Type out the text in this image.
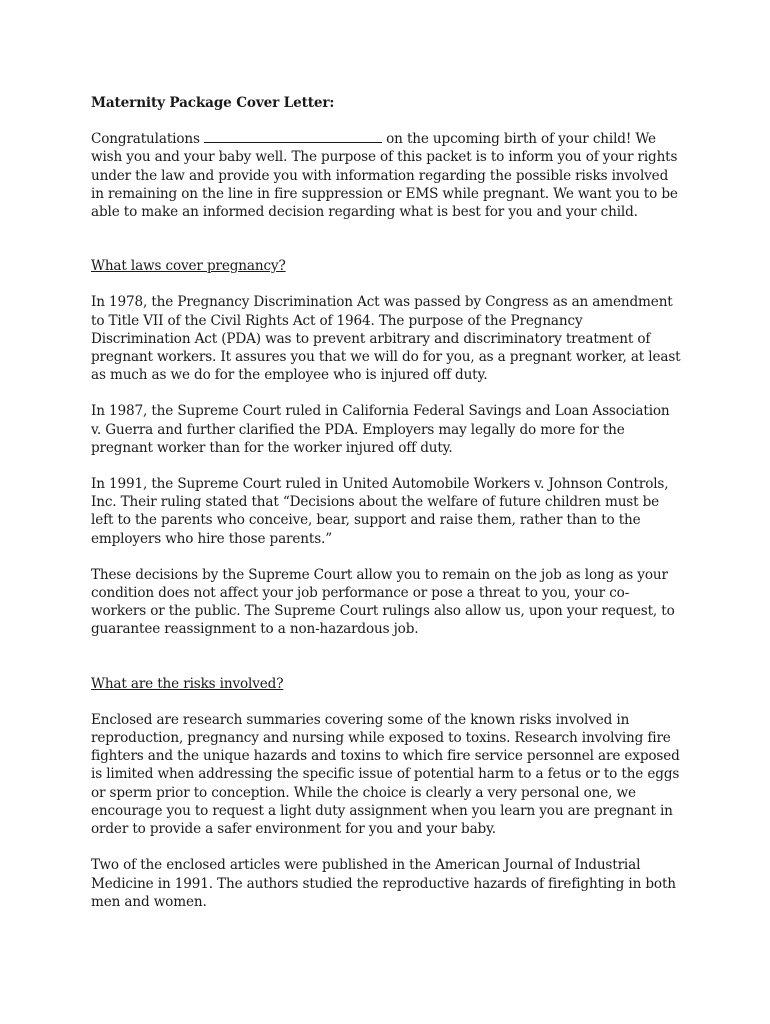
Maternity Package Cover Letter:

Congratulations	on the upcoming birth of your child! We wish you and your baby well. The purpose of this packet is to inform you of your rights under the law and provide you with information regarding the possible risks involved in remaining on the line in fire suppression or EMS while pregnant. We want you to be able to make an informed decision regarding what is best for you and your child.

What laws cover pregnancy?

In 1978, the Pregnancy Discrimination Act was passed by Congress as an amendment to Title VII of the Civil Rights Act of 1964. The purpose of the Pregnancy Discrimination Act (PDA) was to prevent arbitrary and discriminatory treatment of pregnant workers. It assures you that we will do for you, as a pregnant worker, at least as much as we do for the employee who is injured off duty.

In 1987, the Supreme Court ruled in California Federal Savings and Loan Association v. Guerra and further clarified the PDA. Employers may legally do more for the pregnant worker than for the worker injured off duty.

In 1991, the Supreme Court ruled in United Automobile Workers v. Johnson Controls, Inc. Their ruling stated that “Decisions about the welfare of future children must be left to the parents who conceive, bear, support and raise them, rather than to the employers who hire those parents.”

These decisions by the Supreme Court allow you to remain on the job as long as your condition does not affect your job performance or pose a threat to you, your co-workers or the public. The Supreme Court rulings also allow us, upon your request, to guarantee reassignment to a non-hazardous job.

What are the risks involved?

Enclosed are research summaries covering some of the known risks involved in reproduction, pregnancy and nursing while exposed to toxins. Research involving fire fighters and the unique hazards and toxins to which fire service personnel are exposed is limited when addressing the specific issue of potential harm to a fetus or to the eggs or sperm prior to conception. While the choice is clearly a very personal one, we encourage you to request a light duty assignment when you learn you are pregnant in order to provide a safer environment for you and your baby.

Two of the enclosed articles were published in the American Journal of Industrial Medicine in 1991. The authors studied the reproductive hazards of firefighting in both men and women.
